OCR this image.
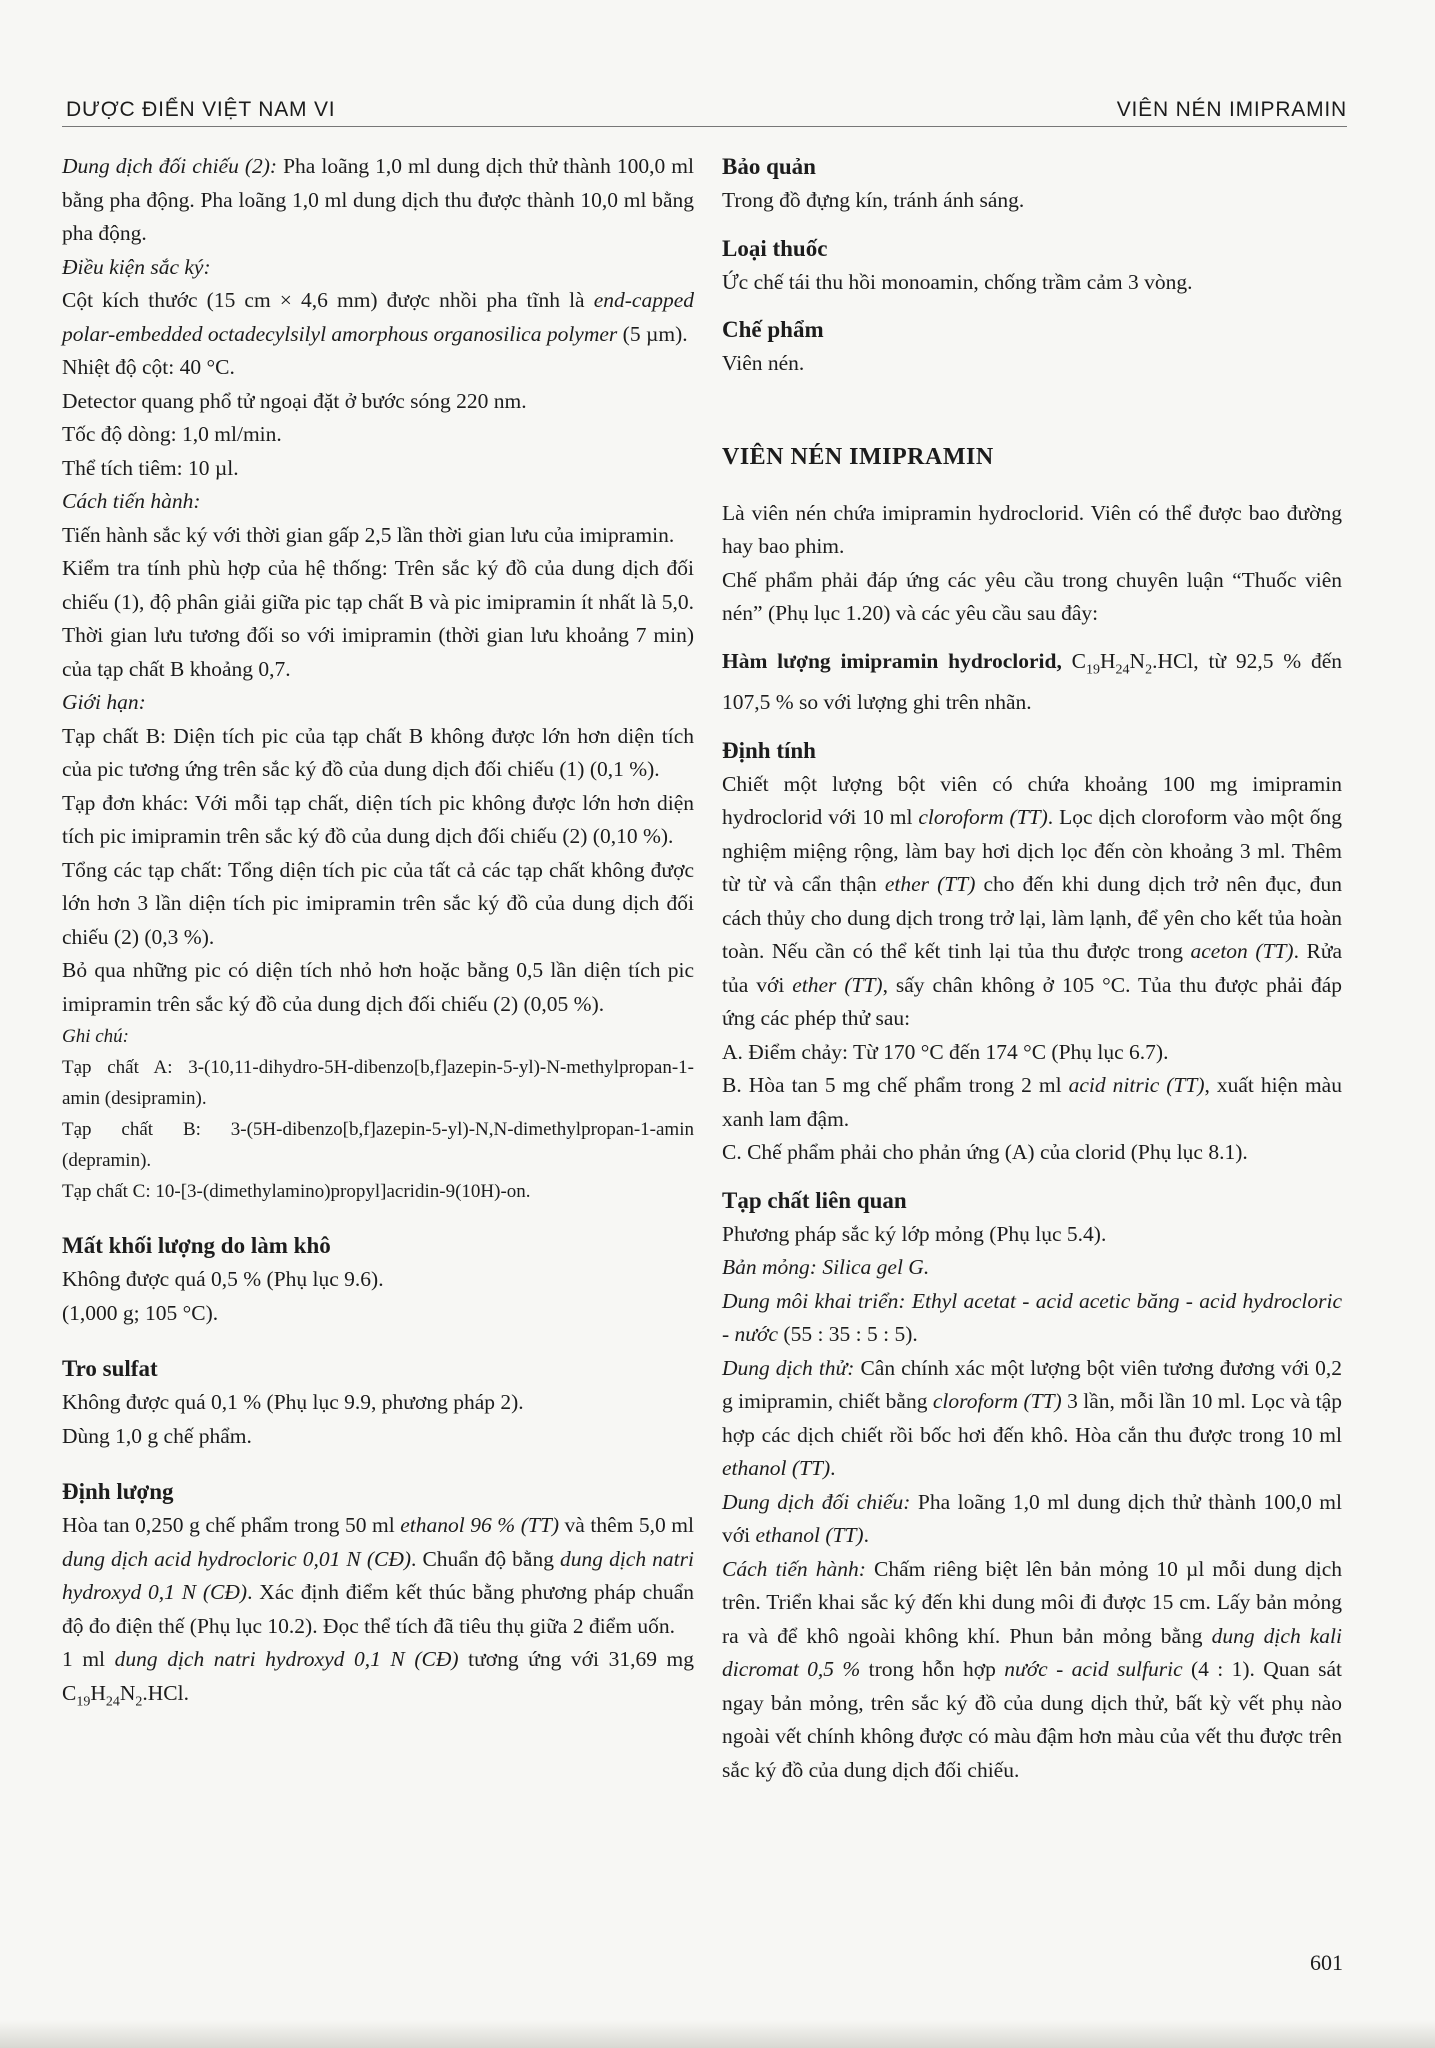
DƯỢC ĐIỂN VIỆT NAM VI	VIÊN NÉN IMIPRAMIN

Dung dịch đối chiếu (2): Pha loãng 1,0 ml dung dịch thử thành 100,0 ml bằng pha động. Pha loãng 1,0 ml dung dịch thu được thành 10,0 ml bằng pha động.

Điều kiện sắc ký:

Cột kích thước (15 cm × 4,6 mm) được nhồi pha tĩnh là end-capped polar-embedded octadecylsilyl amorphous organosilica polymer (5 µm).

Nhiệt độ cột: 40 °C.

Detector quang phổ tử ngoại đặt ở bước sóng 220 nm.

Tốc độ dòng: 1,0 ml/min.

Thể tích tiêm: 10 µl.

Cách tiến hành:

Tiến hành sắc ký với thời gian gấp 2,5 lần thời gian lưu của imipramin.

Kiểm tra tính phù hợp của hệ thống: Trên sắc ký đồ của dung dịch đối chiếu (1), độ phân giải giữa pic tạp chất B và pic imipramin ít nhất là 5,0.

Thời gian lưu tương đối so với imipramin (thời gian lưu khoảng 7 min) của tạp chất B khoảng 0,7.

Giới hạn:

Tạp chất B: Diện tích pic của tạp chất B không được lớn hơn diện tích của pic tương ứng trên sắc ký đồ của dung dịch đối chiếu (1) (0,1 %).

Tạp đơn khác: Với mỗi tạp chất, diện tích pic không được lớn hơn diện tích pic imipramin trên sắc ký đồ của dung dịch đối chiếu (2) (0,10 %).

Tổng các tạp chất: Tổng diện tích pic của tất cả các tạp chất không được lớn hơn 3 lần diện tích pic imipramin trên sắc ký đồ của dung dịch đối chiếu (2) (0,3 %).

Bỏ qua những pic có diện tích nhỏ hơn hoặc bằng 0,5 lần diện tích pic imipramin trên sắc ký đồ của dung dịch đối chiếu (2) (0,05 %).

Ghi chú:

Tạp chất A: 3-(10,11-dihydro-5H-dibenzo[b,f]azepin-5-yl)-N-methylpropan-1-amin (desipramin).

Tạp chất B: 3-(5H-dibenzo[b,f]azepin-5-yl)-N,N-dimethylpropan-1-amin (depramin).

Tạp chất C: 10-[3-(dimethylamino)propyl]acridin-9(10H)-on.

Mất khối lượng do làm khô

Không được quá 0,5 % (Phụ lục 9.6).

(1,000 g; 105 °C).

Tro sulfat

Không được quá 0,1 % (Phụ lục 9.9, phương pháp 2).

Dùng 1,0 g chế phẩm.

Định lượng

Hòa tan 0,250 g chế phẩm trong 50 ml ethanol 96 % (TT) và thêm 5,0 ml dung dịch acid hydrocloric 0,01 N (CĐ). Chuẩn độ bằng dung dịch natri hydroxyd 0,1 N (CĐ). Xác định điểm kết thúc bằng phương pháp chuẩn độ đo điện thế (Phụ lục 10.2). Đọc thể tích đã tiêu thụ giữa 2 điểm uốn.

1 ml dung dịch natri hydroxyd 0,1 N (CĐ) tương ứng với 31,69 mg $C_{19}H_{24}N_2.HCl$.

Bảo quản

Trong đồ đựng kín, tránh ánh sáng.

Loại thuốc

Ức chế tái thu hồi monoamin, chống trầm cảm 3 vòng.

Chế phẩm

Viên nén.

VIÊN NÉN IMIPRAMIN

Là viên nén chứa imipramin hydroclorid. Viên có thể được bao đường hay bao phim.

Chế phẩm phải đáp ứng các yêu cầu trong chuyên luận “Thuốc viên nén” (Phụ lục 1.20) và các yêu cầu sau đây:

Hàm lượng imipramin hydroclorid, $C_{19}H_{24}N_2.HCl$, từ 92,5 % đến 107,5 % so với lượng ghi trên nhãn.

Định tính

Chiết một lượng bột viên có chứa khoảng 100 mg imipramin hydroclorid với 10 ml cloroform (TT). Lọc dịch cloroform vào một ống nghiệm miệng rộng, làm bay hơi dịch lọc đến còn khoảng 3 ml. Thêm từ từ và cẩn thận ether (TT) cho đến khi dung dịch trở nên đục, đun cách thủy cho dung dịch trong trở lại, làm lạnh, để yên cho kết tủa hoàn toàn. Nếu cần có thể kết tinh lại tủa thu được trong aceton (TT). Rửa tủa với ether (TT), sấy chân không ở 105 °C. Tủa thu được phải đáp ứng các phép thử sau:

A. Điểm chảy: Từ 170 °C đến 174 °C (Phụ lục 6.7).

B. Hòa tan 5 mg chế phẩm trong 2 ml acid nitric (TT), xuất hiện màu xanh lam đậm.

C. Chế phẩm phải cho phản ứng (A) của clorid (Phụ lục 8.1).

Tạp chất liên quan

Phương pháp sắc ký lớp mỏng (Phụ lục 5.4).

Bản mỏng: Silica gel G.

Dung môi khai triển: Ethyl acetat - acid acetic băng - acid hydrocloric - nước (55 : 35 : 5 : 5).

Dung dịch thử: Cân chính xác một lượng bột viên tương đương với 0,2 g imipramin, chiết bằng cloroform (TT) 3 lần, mỗi lần 10 ml. Lọc và tập hợp các dịch chiết rồi bốc hơi đến khô. Hòa cắn thu được trong 10 ml ethanol (TT).

Dung dịch đối chiếu: Pha loãng 1,0 ml dung dịch thử thành 100,0 ml với ethanol (TT).

Cách tiến hành: Chấm riêng biệt lên bản mỏng 10 µl mỗi dung dịch trên. Triển khai sắc ký đến khi dung môi đi được 15 cm. Lấy bản mỏng ra và để khô ngoài không khí. Phun bản mỏng bằng dung dịch kali dicromat 0,5 % trong hỗn hợp nước - acid sulfuric (4 : 1). Quan sát ngay bản mỏng, trên sắc ký đồ của dung dịch thử, bất kỳ vết phụ nào ngoài vết chính không được có màu đậm hơn màu của vết thu được trên sắc ký đồ của dung dịch đối chiếu.

601
